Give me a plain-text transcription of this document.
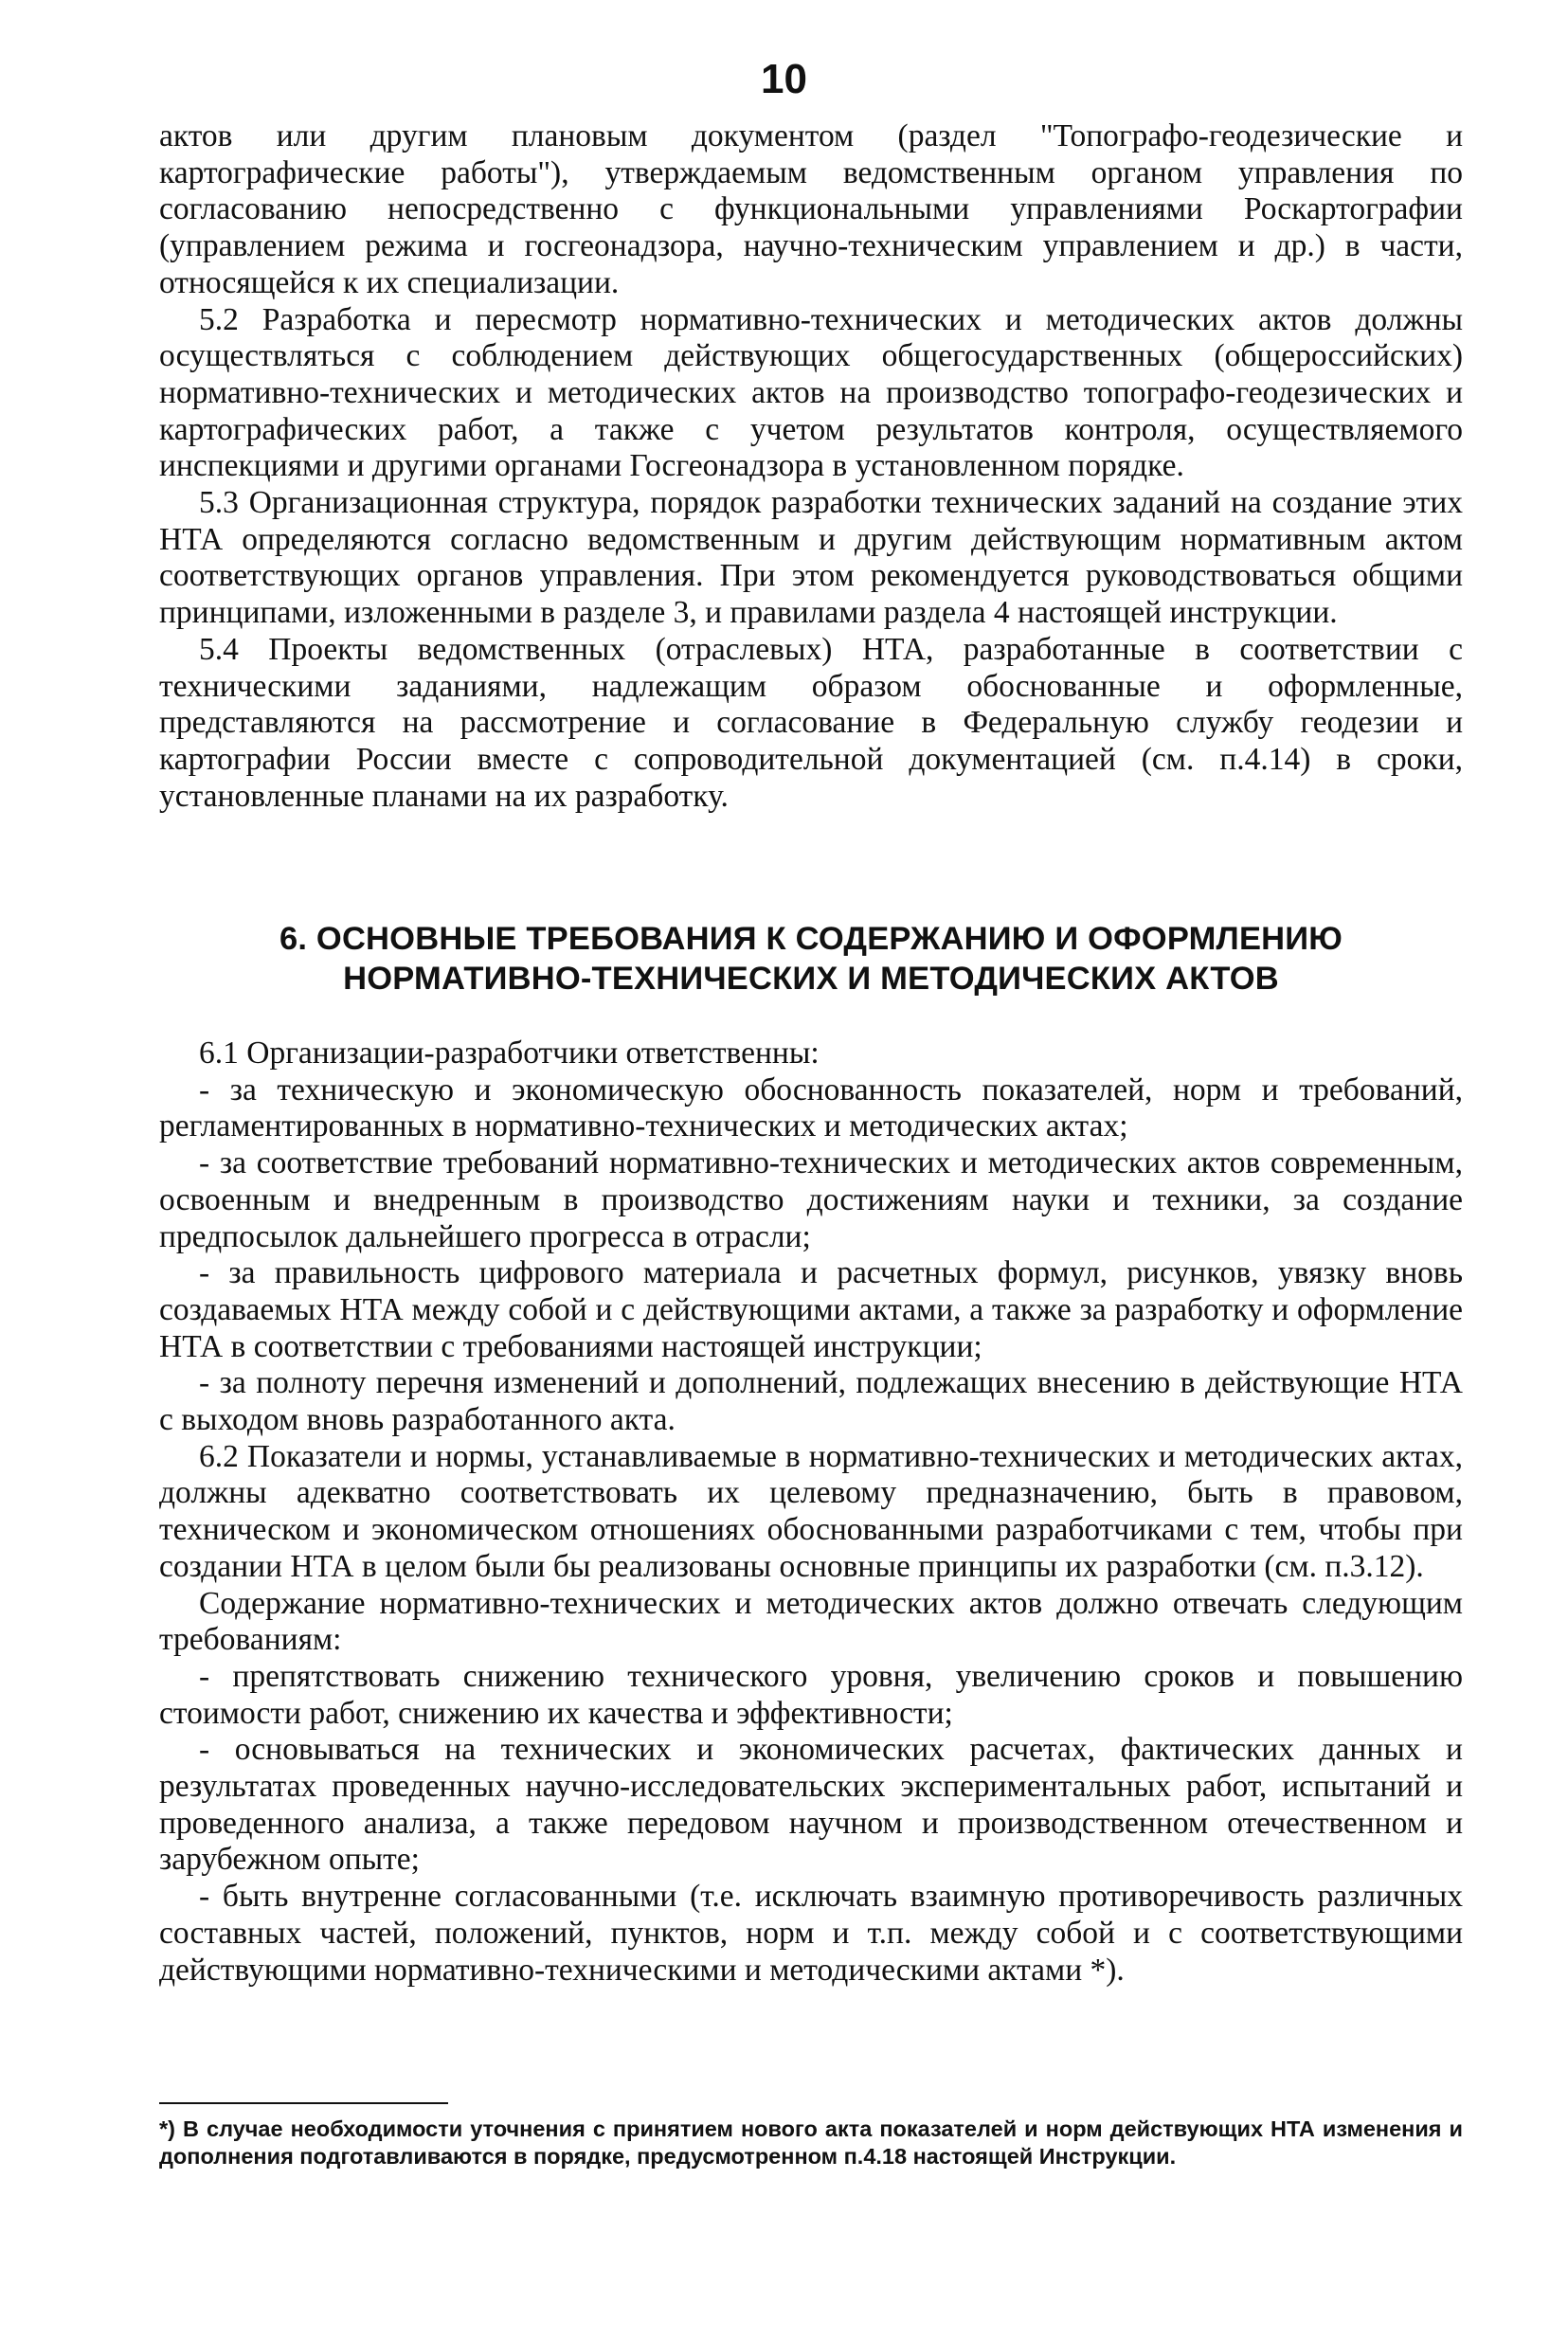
10

актов или другим плановым документом (раздел "Топографо-геодезические и картографические работы"), утверждаемым ведомственным органом управления по согласованию непосредственно с функциональными управлениями Роскартографии (управлением режима и госгеонадзора, научно-техническим управлением и др.) в части, относящейся к их специализации.

5.2 Разработка и пересмотр нормативно-технических и методических актов должны осуществляться с соблюдением действующих общегосударственных (общероссийских) нормативно-технических и методических актов на производство топографо-геодезических и картографических работ, а также с учетом результатов контроля, осуществляемого инспекциями и другими органами Госгеонадзора в установленном порядке.

5.3 Организационная структура, порядок разработки технических заданий на создание этих НТА определяются согласно ведомственным и другим действующим нормативным актом соответствующих органов управления. При этом рекомендуется руководствоваться общими принципами, изложенными в разделе 3, и правилами раздела 4 настоящей инструкции.

5.4 Проекты ведомственных (отраслевых) НТА, разработанные в соответствии с техническими заданиями, надлежащим образом обоснованные и оформленные, представляются на рассмотрение и согласование в Федеральную службу геодезии и картографии России вместе с сопроводительной документацией (см. п.4.14) в сроки, установленные планами на их разработку.

6. ОСНОВНЫЕ ТРЕБОВАНИЯ К СОДЕРЖАНИЮ И ОФОРМЛЕНИЮ
НОРМАТИВНО-ТЕХНИЧЕСКИХ И МЕТОДИЧЕСКИХ АКТОВ

6.1 Организации-разработчики ответственны:

- за техническую и экономическую обоснованность показателей, норм и требований, регламентированных в нормативно-технических и методических актах;

- за соответствие требований нормативно-технических и методических актов современным, освоенным и внедренным в производство достижениям науки и техники, за создание предпосылок дальнейшего прогресса в отрасли;

- за правильность цифрового материала и расчетных формул, рисунков, увязку вновь создаваемых НТА между собой и с действующими актами, а также за разработку и оформление НТА в соответствии с требованиями настоящей инструкции;

- за полноту перечня изменений и дополнений, подлежащих внесению в действующие НТА с выходом вновь разработанного акта.

6.2 Показатели и нормы, устанавливаемые в нормативно-технических и методических актах, должны адекватно соответствовать их целевому предназначению, быть в правовом, техническом и экономическом отношениях обоснованными разработчиками с тем, чтобы при создании НТА в целом были бы реализованы основные принципы их разработки (см. п.3.12).

Содержание нормативно-технических и методических актов должно отвечать следующим требованиям:

- препятствовать снижению технического уровня, увеличению сроков и повышению стоимости работ, снижению их качества и эффективности;

- основываться на технических и экономических расчетах, фактических данных и результатах проведенных научно-исследовательских экспериментальных работ, испытаний и проведенного анализа, а также передовом научном и производственном отечественном и зарубежном опыте;

- быть внутренне согласованными (т.е. исключать взаимную противоречивость различных составных частей, положений, пунктов, норм и т.п. между собой и с соответствующими действующими нормативно-техническими и методическими актами *).

*) В случае необходимости уточнения с принятием нового акта показателей и норм действующих НТА изменения и дополнения подготавливаются в порядке, предусмотренном п.4.18 настоящей Инструкции.
